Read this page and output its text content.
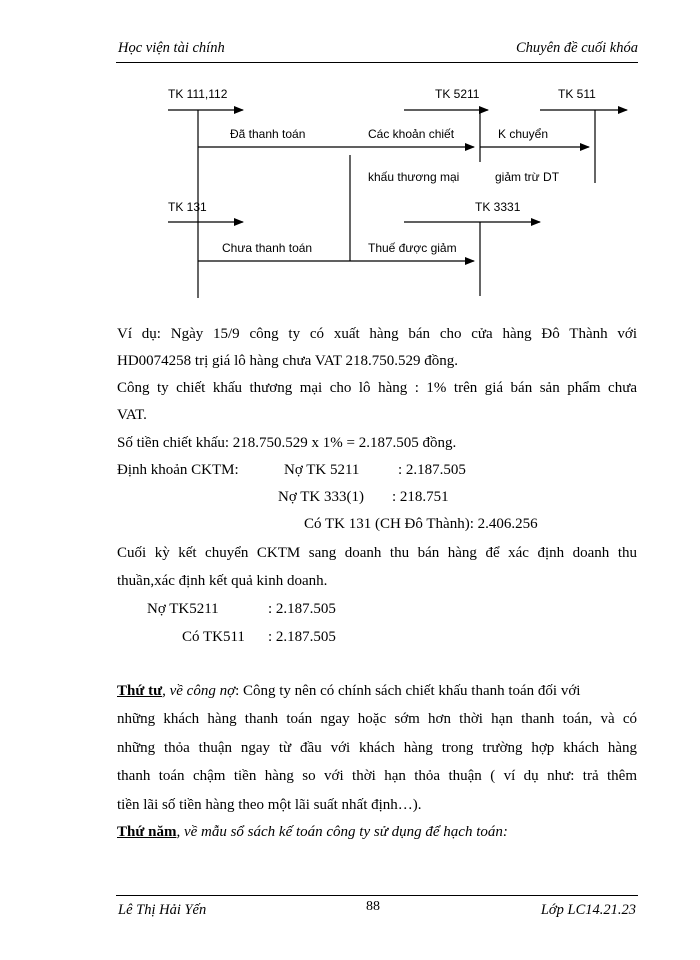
Học viện tài chính	Chuyên đề cuối khóa
TK 111,112	TK 5211	TK 511
Đã thanh toán	Các khoản chiết
khấu thương mại
K chuyển
giảm trừ DT
TK 131	TK 3331
Chưa thanh toán	Thuế được giảm
Ví dụ: Ngày 15/9 công ty có xuất hàng bán cho cửa hàng Đô Thành với
HD0074258 trị giá lô hàng chưa VAT 218.750.529 đồng.
Công ty chiết khấu thương mại cho lô hàng : 1% trên giá bán sản phẩm chưa
VAT.
Số tiền chiết khấu: 218.750.529 x 1% = 2.187.505 đồng.
Định khoản CKTM:	Nợ TK 5211	: 2.187.505
Nợ TK 333(1) : 218.751
Có TK 131 (CH Đô Thành): 2.406.256
Cuối kỳ kết chuyển CKTM sang doanh thu bán hàng để xác định doanh thu
thuần,xác định kết quả kinh doanh.
Nợ TK5211	: 2.187.505
Có TK511 : 2.187.505
Thứ tư, về công nợ: Công ty nên có chính sách chiết khấu thanh toán đối với
những khách hàng thanh toán ngay hoặc sớm hơn thời hạn thanh toán, và có
những thỏa thuận ngay từ đầu với khách hàng trong trường hợp khách hàng
thanh toán chậm tiền hàng so với thời hạn thỏa thuận ( ví dụ như: trả thêm
tiền lãi số tiền hàng theo một lãi suất nhất định…).
Thứ năm, về mẫu sổ sách kế toán công ty sử dụng để hạch toán:
Lê Thị Hải Yến	88	Lớp LC14.21.23
